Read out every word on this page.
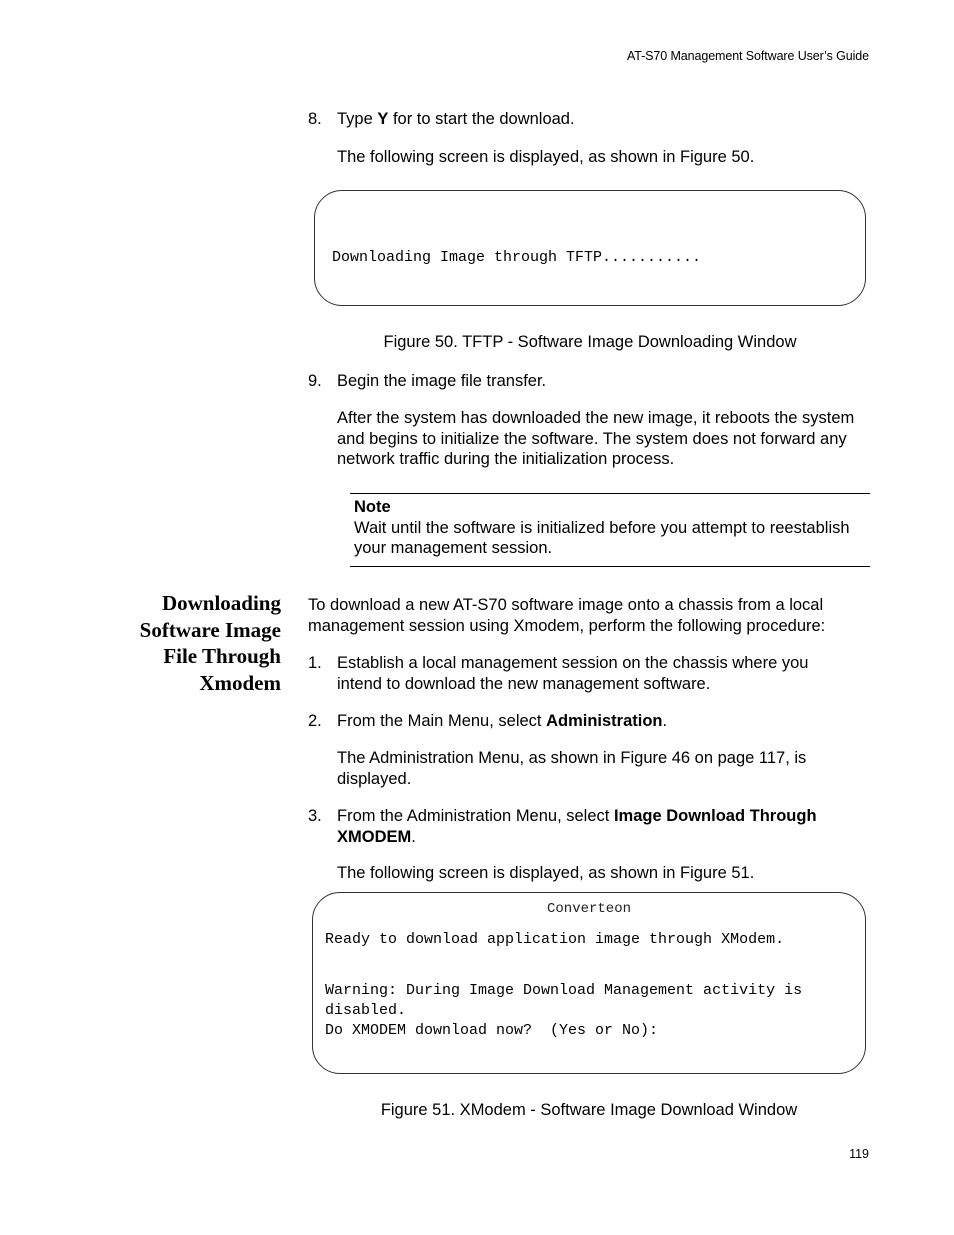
AT-S70 Management Software User’s Guide
8. Type Y for to start the download.
The following screen is displayed, as shown in Figure 50.
Downloading Image through TFTP...........
Figure 50. TFTP - Software Image Downloading Window
9. Begin the image file transfer.
After the system has downloaded the new image, it reboots the system
and begins to initialize the software. The system does not forward any
network traffic during the initialization process.
Note
Wait until the software is initialized before you attempt to reestablish
your management session.
Downloading
Software Image
File Through
Xmodem
To download a new AT-S70 software image onto a chassis from a local
management session using Xmodem, perform the following procedure:
1. Establish a local management session on the chassis where you
intend to download the new management software.
2. From the Main Menu, select Administration.
The Administration Menu, as shown in Figure 46 on page 117, is
displayed.
3. From the Administration Menu, select Image Download Through
XMODEM.
The following screen is displayed, as shown in Figure 51.
Converteon
Ready to download application image through XModem.
Warning: During Image Download Management activity is
disabled.
Do XMODEM download now?  (Yes or No):
Figure 51. XModem - Software Image Download Window
119
